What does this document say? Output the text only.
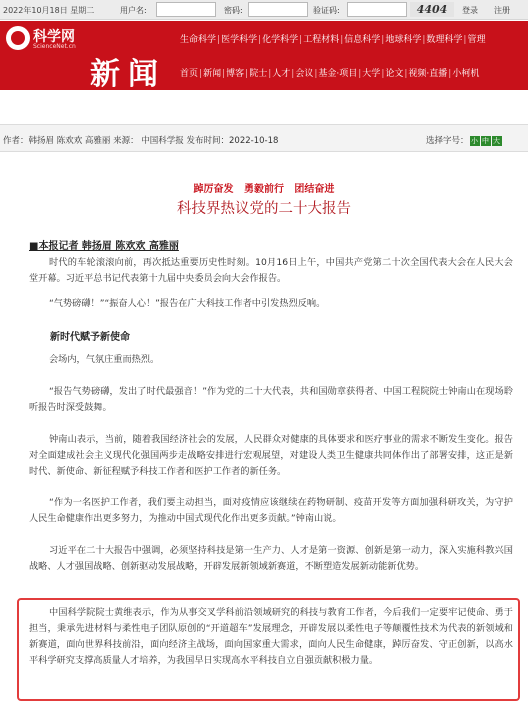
2022年10月18日 星期二	用户名:	密码:	验证码:	4404	登录 注册
科学网
ScienceNet.cn
新闻
生命科学|医学科学|化学科学|工程材料|信息科学|地球科学|数理科学|管理
首页|新闻|博客|院士|人才|会议|基金·项目|大学|论文|视频·直播|小柯机
作者：韩扬眉 陈欢欢 高雅丽 来源： 中国科学报 发布时间：2022-10-18	选择字号： 小 中 大
踔厉奋发   勇毅前行   团结奋进
科技界热议党的二十大报告
■本报记者 韩扬眉 陈欢欢 高雅丽
时代的车轮滚滚向前，再次抵达重要历史性时刻。10月16日上午，中国共产党第二十次全国代表大会在人民大会堂开幕。习近平总书记代表第十九届中央委员会向大会作报告。
“气势磅礴！”“振奋人心！”报告在广大科技工作者中引发热烈反响。
新时代赋予新使命
会场内，气氛庄重而热烈。
“报告气势磅礴，发出了时代最强音！”作为党的二十大代表，共和国勋章获得者、中国工程院院士钟南山在现场聆听报告时深受鼓舞。
钟南山表示，当前，随着我国经济社会的发展，人民群众对健康的具体要求和医疗事业的需求不断发生变化。报告对全面建成社会主义现代化强国两步走战略安排进行宏观展望，对建设人类卫生健康共同体作出了部署安排，这正是新时代、新使命、新征程赋予科技工作者和医护工作者的新任务。
“作为一名医护工作者，我们要主动担当，面对疫情应该继续在药物研制、疫苗开发等方面加强科研攻关，为守护人民生命健康作出更多努力，为推动中国式现代化作出更多贡献。”钟南山说。
习近平在二十大报告中强调，必须坚持科技是第一生产力、人才是第一资源、创新是第一动力，深入实施科教兴国战略、人才强国战略、创新驱动发展战略，开辟发展新领域新赛道，不断塑造发展新动能新优势。
中国科学院院士黄维表示，作为从事交叉学科前沿领域研究的科技与教育工作者，今后我们一定要牢记使命、勇于担当，秉承先进材料与柔性电子团队原创的“开道超车”发展理念，开辟发展以柔性电子等颠覆性技术为代表的新领域和新赛道，面向世界科技前沿，面向经济主战场，面向国家重大需求，面向人民生命健康，踔厉奋发、守正创新，以高水平科学研究支撑高质量人才培养，为我国早日实现高水平科技自立自强贡献积极力量。
